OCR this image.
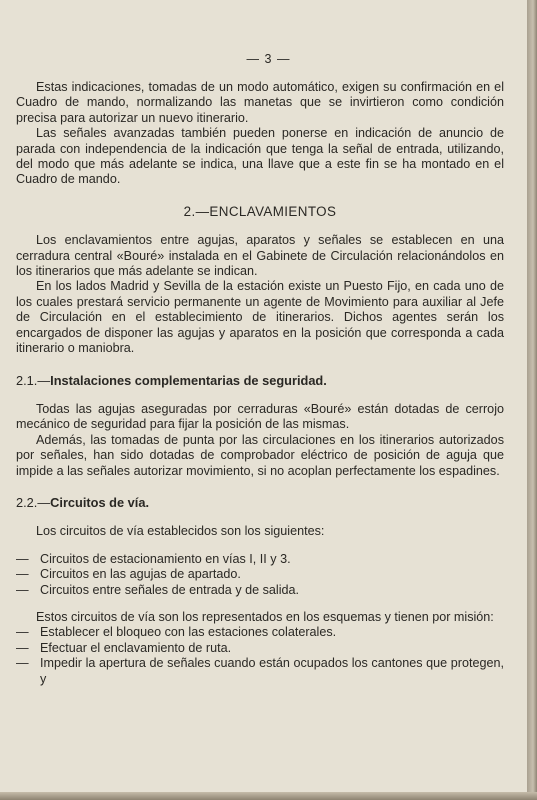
— 3 —

Estas indicaciones, tomadas de un modo automático, exigen su confirmación en el Cuadro de mando, normalizando las manetas que se invirtieron como condición precisa para autorizar un nuevo itinerario.

Las señales avanzadas también pueden ponerse en indicación de anuncio de parada con independencia de la indicación que tenga la señal de entrada, utilizando, del modo que más adelante se indica, una llave que a este fin se ha montado en el Cuadro de mando.

2.—ENCLAVAMIENTOS

Los enclavamientos entre agujas, aparatos y señales se establecen en una cerradura central «Bouré» instalada en el Gabinete de Circulación relacionándolos en los itinerarios que más adelante se indican.

En los lados Madrid y Sevilla de la estación existe un Puesto Fijo, en cada uno de los cuales prestará servicio permanente un agente de Movimiento para auxiliar al Jefe de Circulación en el establecimiento de itinerarios. Dichos agentes serán los encargados de disponer las agujas y aparatos en la posición que corresponda a cada itinerario o maniobra.

2.1.—Instalaciones complementarias de seguridad.

Todas las agujas aseguradas por cerraduras «Bouré» están dotadas de cerrojo mecánico de seguridad para fijar la posición de las mismas.

Además, las tomadas de punta por las circulaciones en los itinerarios autorizados por señales, han sido dotadas de comprobador eléctrico de posición de aguja que impide a las señales autorizar movimiento, si no acoplan perfectamente los espadines.

2.2.—Circuitos de vía.
Los circuitos de vía establecidos son los siguientes:
— Circuitos de estacionamiento en vías I, II y 3.
— Circuitos en las agujas de apartado.
— Circuitos entre señales de entrada y de salida.

Estos circuitos de vía son los representados en los esquemas y tienen por misión:

— Establecer el bloqueo con las estaciones colaterales.
— Efectuar el enclavamiento de ruta.
— Impedir la apertura de señales cuando están ocupados los cantones que protegen, y
